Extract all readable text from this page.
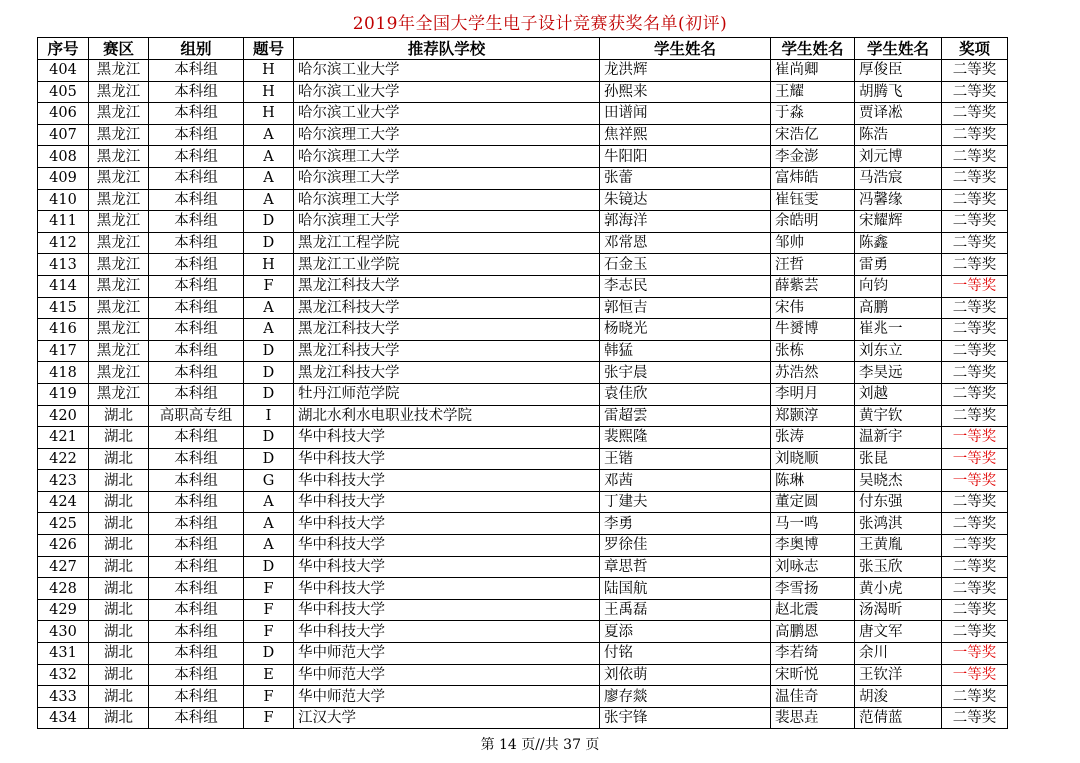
2019年全国大学生电子设计竞赛获奖名单(初评)
序号	赛区	组别	题号	推荐队学校	学生姓名	学生姓名	学生姓名	奖项
404	黑龙江	本科组	H	哈尔滨工业大学	龙洪辉	崔尚卿	厚俊臣	二等奖
405	黑龙江	本科组	H	哈尔滨工业大学	孙熙来	王耀	胡腾飞	二等奖
406	黑龙江	本科组	H	哈尔滨工业大学	田谱闻	于淼	贾译凇	二等奖
407	黑龙江	本科组	A	哈尔滨理工大学	焦祥熙	宋浩亿	陈浩	二等奖
408	黑龙江	本科组	A	哈尔滨理工大学	牛阳阳	李金澎	刘元博	二等奖
409	黑龙江	本科组	A	哈尔滨理工大学	张蕾	富炜皓	马浩宸	二等奖
410	黑龙江	本科组	A	哈尔滨理工大学	朱镜达	崔钰雯	冯馨缘	二等奖
411	黑龙江	本科组	D	哈尔滨理工大学	郭海洋	余皓明	宋耀辉	二等奖
412	黑龙江	本科组	D	黑龙江工程学院	邓常恩	邹帅	陈鑫	二等奖
413	黑龙江	本科组	H	黑龙江工业学院	石金玉	汪哲	雷勇	二等奖
414	黑龙江	本科组	F	黑龙江科技大学	李志民	薛紫芸	向钧	一等奖
415	黑龙江	本科组	A	黑龙江科技大学	郭恒吉	宋伟	高鹏	二等奖
416	黑龙江	本科组	A	黑龙江科技大学	杨晓光	牛赟博	崔兆一	二等奖
417	黑龙江	本科组	D	黑龙江科技大学	韩猛	张栋	刘东立	二等奖
418	黑龙江	本科组	D	黑龙江科技大学	张宇晨	苏浩然	李昊远	二等奖
419	黑龙江	本科组	D	牡丹江师范学院	袁佳欣	李明月	刘越	二等奖
420	湖北	高职高专组	I	湖北水利水电职业技术学院	雷超雲	郑颢淳	黄宇钦	二等奖
421	湖北	本科组	D	华中科技大学	裴熙隆	张涛	温新宇	一等奖
422	湖北	本科组	D	华中科技大学	王锴	刘晓顺	张昆	一等奖
423	湖北	本科组	G	华中科技大学	邓茜	陈琳	吴晓杰	一等奖
424	湖北	本科组	A	华中科技大学	丁建夫	董定圆	付东强	二等奖
425	湖北	本科组	A	华中科技大学	李勇	马一鸣	张鸿淇	二等奖
426	湖北	本科组	A	华中科技大学	罗徐佳	李奥博	王黄胤	二等奖
427	湖北	本科组	D	华中科技大学	章思哲	刘咏志	张玉欣	二等奖
428	湖北	本科组	F	华中科技大学	陆国航	李雪扬	黄小虎	二等奖
429	湖北	本科组	F	华中科技大学	王禹磊	赵北震	汤渴昕	二等奖
430	湖北	本科组	F	华中科技大学	夏添	高鹏恩	唐文军	二等奖
431	湖北	本科组	D	华中师范大学	付铭	李若绮	余川	一等奖
432	湖北	本科组	E	华中师范大学	刘依萌	宋昕悦	王钦洋	一等奖
433	湖北	本科组	F	华中师范大学	廖存燚	温佳奇	胡浚	二等奖
434	湖北	本科组	F	江汉大学	张宇锋	裴思垚	范倩蓝	二等奖
第 14 页//共 37 页
